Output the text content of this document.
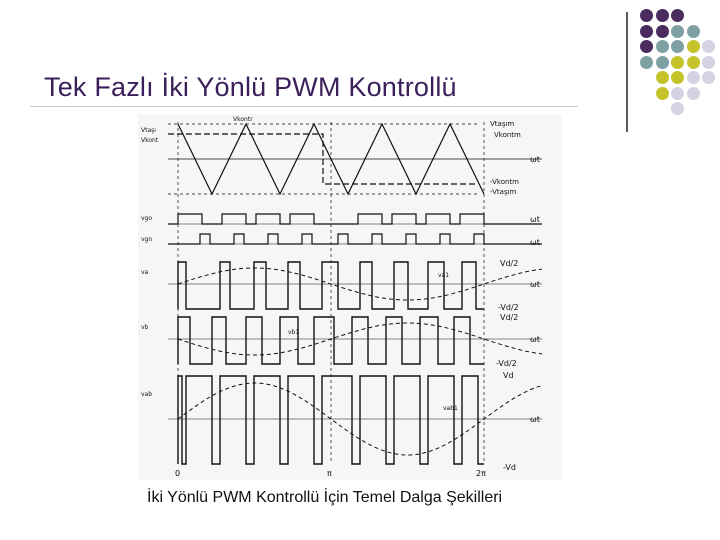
Tek Fazlı İki Yönlü PWM Kontrollü
Vtaşı
Vkont
Vkontr
vgo
vgn
va
vb
vab
va1
vb1
vab1
Vtaşım
Vkontm
ωt
-Vkontm
-Vtaşım
ωt
ωt
Vd/2
ωt
-Vd/2
Vd/2
ωt
-Vd/2
Vd
ωt
-Vd
0	π	2π
İki Yönlü PWM Kontrollü İçin Temel Dalga Şekilleri
